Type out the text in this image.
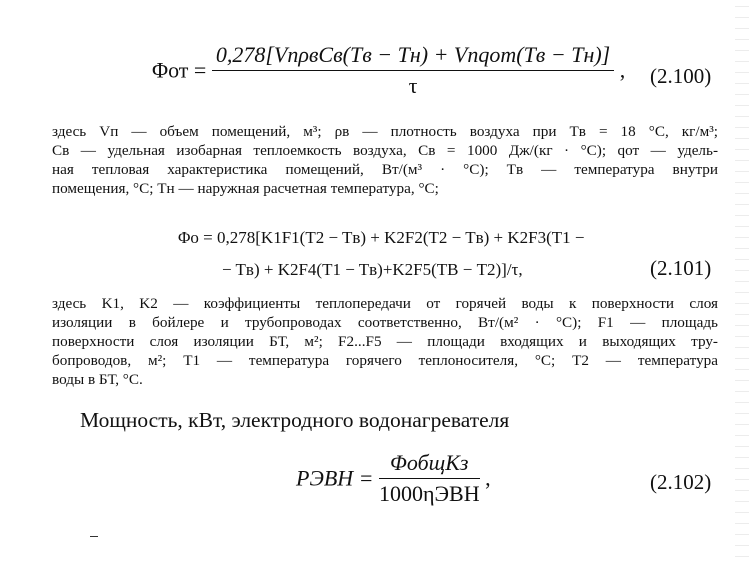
$\Phi от = \frac{\text{0,278[VпρвCв(Tв − Tн) + Vпqот(Tв − Tн)]}}{\tau}$ , (2.100)
здесь Vп — объем помещений, м³; ρв — плотность воздуха при Tв = 18 °С, кг/м³;
Cв — удельная изобарная теплоемкость воздуха, Cв = 1000 Дж/(кг · °С); qот — удель-
ная тепловая характеристика помещений, Вт/(м³ · °С); Tв — температура внутри
помещения, °С; Tн — наружная расчетная температура, °С;
Φо = 0,278[K1F1(T2 − Tв) + K2F2(T2 − Tв) + K2F3(T1 −
− Tв) + K2F4(T1 − Tв)+K2F5(TВ − T2)]/τ,	(2.101)
здесь K1, K2 — коэффициенты теплопередачи от горячей воды к поверхности слоя
изоляции в бойлере и трубопроводах соответственно, Вт/(м² · °С); F1 — площадь
поверхности слоя изоляции БТ, м²; F2...F5 — площади входящих и выходящих тру-
бопроводов, м²; T1 — температура горячего теплоносителя, °С; T2 — температура
воды в БТ, °С.
Мощность, кВт, электродного водонагревателя
PЭВН = $\frac{\text{ΦобщKз}}{\text{1000ηЭВН}}$ ,	(2.102)
